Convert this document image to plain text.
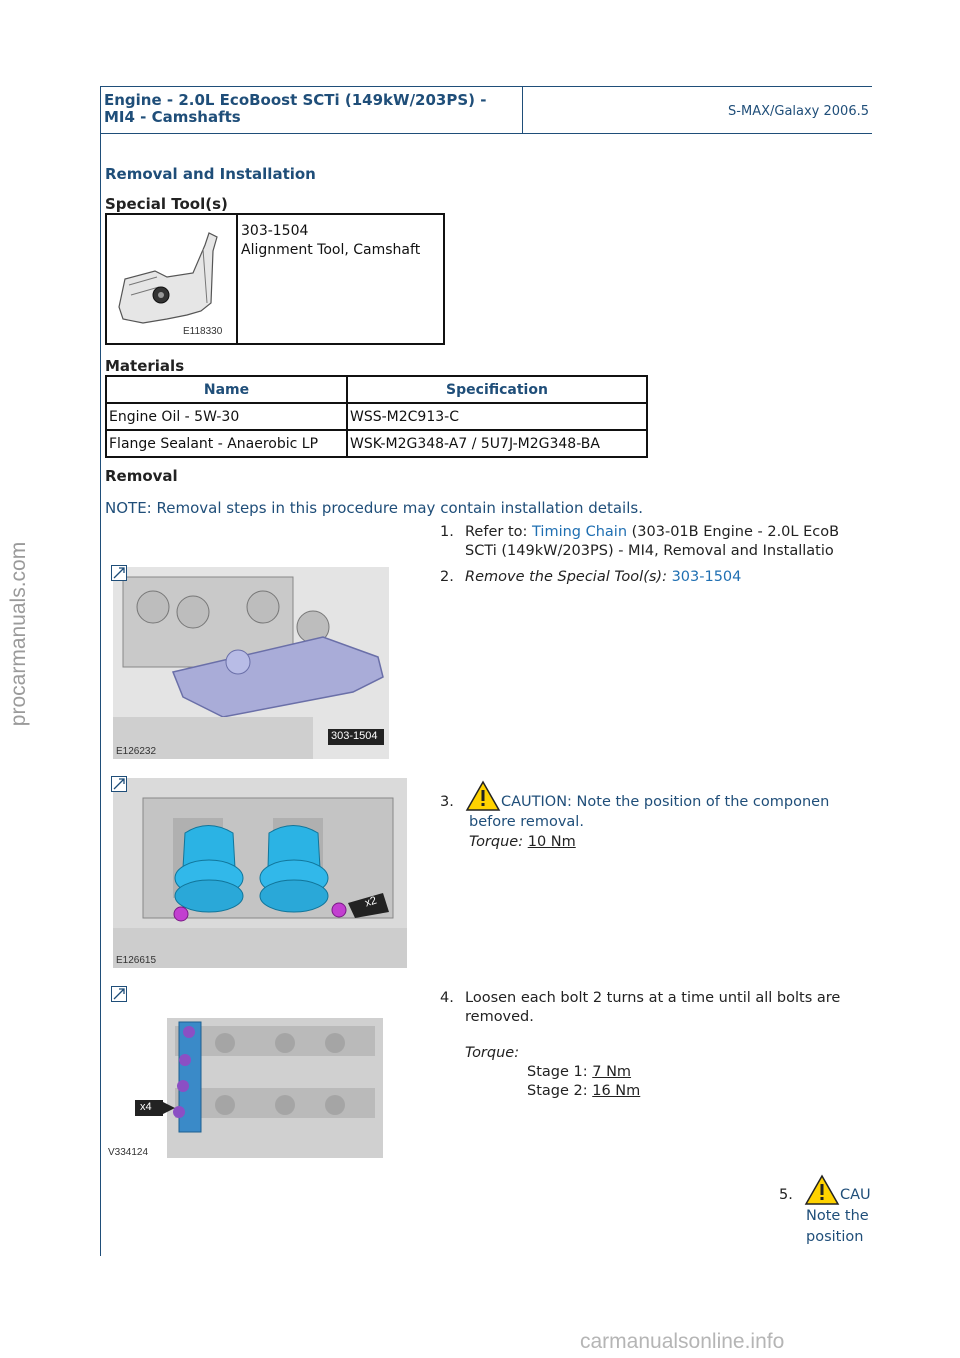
procarmanuals.com
carmanualsonline.info
Engine - 2.0L EcoBoost SCTi (149kW/203PS) -
MI4 - Camshafts	S-MAX/Galaxy 2006.5
Removal and Installation
Special Tool(s)
E118330
303-1504
Alignment Tool, Camshaft
Materials
Name	Specification
Engine Oil - 5W-30	WSS-M2C913-C
Flange Sealant - Anaerobic LP	WSK-M2G348-A7 / 5U7J-M2G348-BA
Removal
NOTE: Removal steps in this procedure may contain installation details.
1. Refer to: Timing Chain (303-01B Engine - 2.0L EcoB
SCTi (149kW/203PS) - MI4, Removal and Installatio
303-1504
E126232
2. Remove the Special Tool(s): 303-1504
x2
E126615
3.	CAUTION: Note the position of the componen
before removal.
Torque: 10 Nm
x4
V334124
4. Loosen each bolt 2 turns at a time until all bolts are
removed.
Torque:
Stage 1: 7 Nm
Stage 2: 16 Nm
5.	CAU
Note the
position
